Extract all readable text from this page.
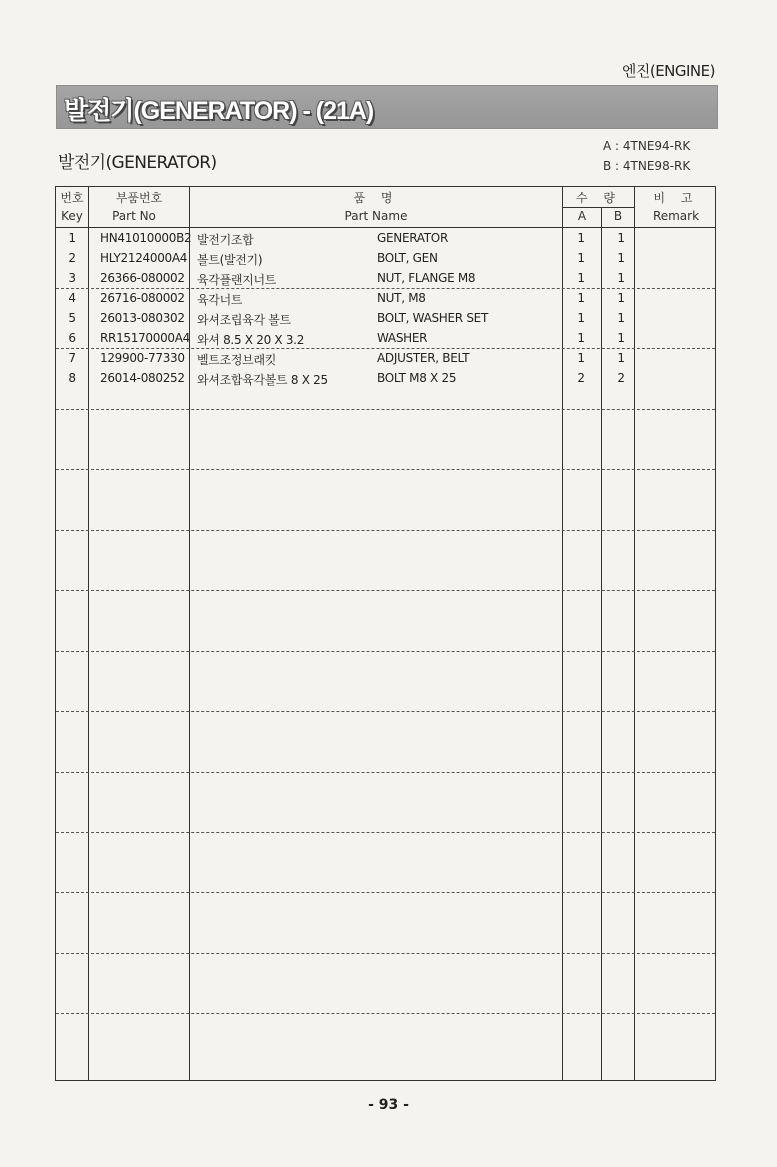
엔진(ENGINE)
발전기(GENERATOR) - (21A)
발전기(GENERATOR)
A : 4TNE94-RK
B : 4TNE98-RK
번호
Key
부품번호
Part No
품 명
Part Name
수 량
A	B
비 고
Remark
1	HN41010000B2 발전기조합	GENERATOR	1	1
2	HLY2124000A4 볼트(발전기)	BOLT, GEN	1	1
3	26366-080002 육각플랜지너트	NUT, FLANGE M8	1	1
4	26716-080002 육각너트	NUT, M8	1	1
5	26013-080302 와셔조립육각 볼트	BOLT, WASHER SET	1	1
6	RR15170000A4 와셔 8.5 X 20 X 3.2	WASHER	1	1
7	129900-77330 벨트조정브래킷	ADJUSTER, BELT	1	1
8	26014-080252 와셔조합육각볼트 8 X 25	BOLT M8 X 25	2	2
- 93 -
